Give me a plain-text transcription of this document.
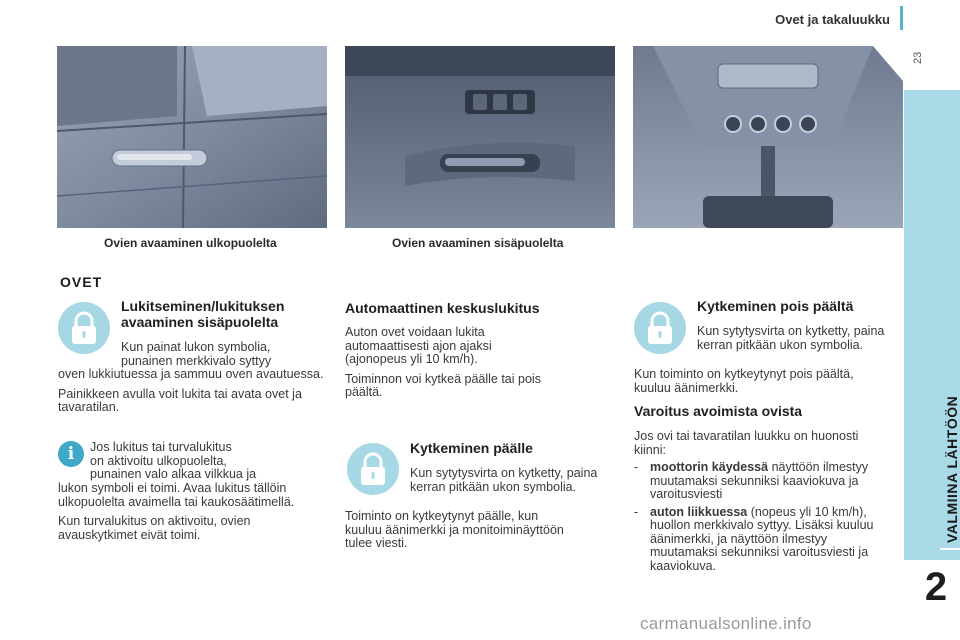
Ovet ja takaluukku
23
VALMIINA LÄHTÖÖN
2
Ovien avaaminen ulkopuolelta	Ovien avaaminen sisäpuolelta
OVET
Lukitseminen/lukituksen
avaaminen sisäpuolelta

Kun painat lukon symbolia,

punainen merkkivalo syttyy

oven lukkiutuessa ja sammuu oven avautuessa.

Painikkeen avulla voit lukita tai avata ovet ja tavaratilan.

i	Jos lukitus tai turvalukitus

on aktivoitu ulkopuolelta,

punainen valo alkaa vilkkua ja

lukon symboli ei toimi. Avaa lukitus tällöin ulkopuolelta avaimella tai kaukosäätimellä.

Kun turvalukitus on aktivoitu, ovien avauskytkimet eivät toimi.

Automaattinen keskuslukitus

Auton ovet voidaan lukita automaattisesti ajon ajaksi (ajonopeus yli 10 km/h).

Toiminnon voi kytkeä päälle tai pois päältä.

Kytkeminen päälle

Kun sytytysvirta on kytketty, paina kerran pitkään ukon symbolia.

Toiminto on kytkeytynyt päälle, kun kuuluu äänimerkki ja monitoiminäyttöön tulee viesti.

Kytkeminen pois päältä

Kun sytytysvirta on kytketty, paina kerran pitkään ukon symbolia.

Kun toiminto on kytkeytynyt pois päältä, kuuluu äänimerkki.

Varoitus avoimista ovista

Jos ovi tai tavaratilan luukku on huonosti kiinni:

- moottorin käydessä näyttöön ilmestyy muutamaksi sekunniksi kaaviokuva ja varoitusviesti

- auton liikkuessa (nopeus yli 10 km/h), huollon merkkivalo syttyy. Lisäksi kuuluu äänimerkki, ja näyttöön ilmestyy muutamaksi sekunniksi varoitusviesti ja kaaviokuva.

carmanualsonline.info
